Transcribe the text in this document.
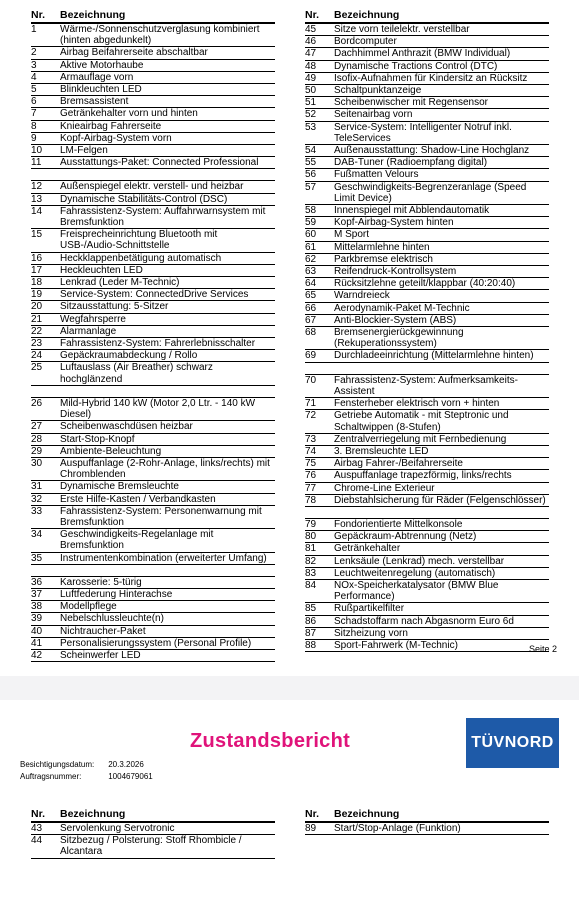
Nr.	Bezeichnung
1	Wärme-/Sonnenschutzverglasung kombiniert (hinten abgedunkelt)
2	Airbag Beifahrerseite abschaltbar
3	Aktive Motorhaube
4	Armauflage vorn
5	Blinkleuchten LED
6	Bremsassistent
7	Getränkehalter vorn und hinten
8	Knieairbag Fahrerseite
9	Kopf-Airbag-System vorn
10	LM-Felgen
11	Ausstattungs-Paket: Connected Professional

12	Außenspiegel elektr. verstell- und heizbar
13	Dynamische Stabilitäts-Control (DSC)
14	Fahrassistenz-System: Auffahrwarnsystem mit Bremsfunktion
15	Freisprecheinrichtung Bluetooth mit USB-/Audio-Schnittstelle
16	Heckklappenbetätigung automatisch
17	Heckleuchten LED
18	Lenkrad (Leder M-Technic)
19	Service-System: ConnectedDrive Services
20	Sitzausstattung: 5-Sitzer
21	Wegfahrsperre
22	Alarmanlage
23	Fahrassistenz-System: Fahrerlebnisschalter
24	Gepäckraumabdeckung / Rollo
25	Luftauslass (Air Breather) schwarz hochglänzend

26	Mild-Hybrid 140 kW (Motor 2,0 Ltr. - 140 kW Diesel)
27	Scheibenwaschdüsen heizbar
28	Start-Stop-Knopf
29	Ambiente-Beleuchtung
30	Auspuffanlage (2-Rohr-Anlage, links/rechts) mit Chromblenden
31	Dynamische Bremsleuchte
32	Erste Hilfe-Kasten / Verbandkasten
33	Fahrassistenz-System: Personenwarnung mit Bremsfunktion
34	Geschwindigkeits-Regelanlage mit Bremsfunktion
35	Instrumentenkombination (erweiterter Umfang)

36	Karosserie: 5-türig
37	Luftfederung Hinterachse
38	Modellpflege
39	Nebelschlussleuchte(n)
40	Nichtraucher-Paket
41	Personalisierungssystem (Personal Profile)
42	Scheinwerfer LED
Nr.	Bezeichnung
45	Sitze vorn teilelektr. verstellbar
46	Bordcomputer
47	Dachhimmel Anthrazit (BMW Individual)
48	Dynamische Tractions Control (DTC)
49	Isofix-Aufnahmen für Kindersitz an Rücksitz
50	Schaltpunktanzeige
51	Scheibenwischer mit Regensensor
52	Seitenairbag vorn
53	Service-System: Intelligenter Notruf inkl. TeleServices
54	Außenausstattung: Shadow-Line Hochglanz
55	DAB-Tuner (Radioempfang digital)
56	Fußmatten Velours
57	Geschwindigkeits-Begrenzeranlage (Speed Limit Device)
58	Innenspiegel mit Abblendautomatik
59	Kopf-Airbag-System hinten
60	M Sport
61	Mittelarmlehne hinten
62	Parkbremse elektrisch
63	Reifendruck-Kontrollsystem
64	Rücksitzlehne geteilt/klappbar (40:20:40)
65	Warndreieck
66	Aerodynamik-Paket M-Technic
67	Anti-Blockier-System (ABS)
68	Bremsenergierückgewinnung (Rekuperationssystem)
69	Durchladeeinrichtung (Mittelarmlehne hinten)

70	Fahrassistenz-System: Aufmerksamkeits-Assistent
71	Fensterheber elektrisch vorn + hinten
72	Getriebe Automatik - mit Steptronic und Schaltwippen (8-Stufen)
73	Zentralverriegelung mit Fernbedienung
74	3. Bremsleuchte LED
75	Airbag Fahrer-/Beifahrerseite
76	Auspuffanlage trapezförmig, links/rechts
77	Chrome-Line Exterieur
78	Diebstahlsicherung für Räder (Felgenschlösser)

79	Fondorientierte Mittelkonsole
80	Gepäckraum-Abtrennung (Netz)
81	Getränkehalter
82	Lenksäule (Lenkrad) mech. verstellbar
83	Leuchtweitenregelung (automatisch)
84	NOx-Speicherkatalysator (BMW Blue Performance)
85	Rußpartikelfilter
86	Schadstoffarm nach Abgasnorm Euro 6d
87	Sitzheizung vorn
88	Sport-Fahrwerk (M-Technic)	Seite 2
Zustandsbericht	TÜVNORD
Besichtigungsdatum: 20.3.2026
Auftragsnummer:	1004679061
Nr.	Bezeichnung
43	Servolenkung Servotronic
44	Sitzbezug / Polsterung: Stoff Rhombicle / Alcantara
Nr.	Bezeichnung
89	Start/Stop-Anlage (Funktion)
